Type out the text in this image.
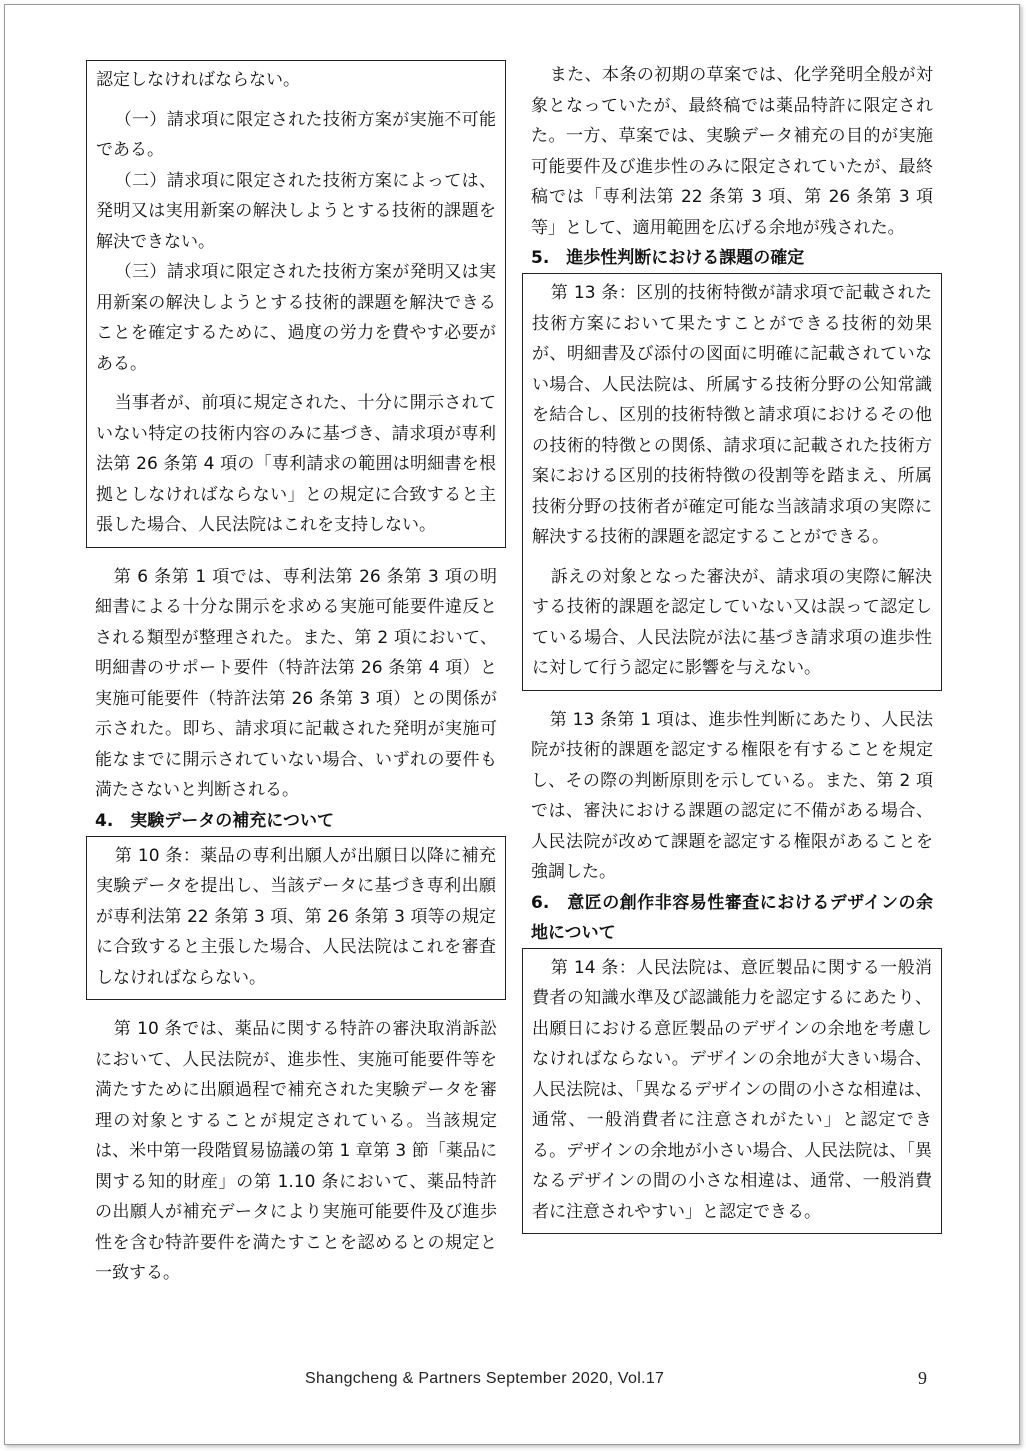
認定しなければならない。

（一）請求項に限定された技術方案が実施不可能である。

（二）請求項に限定された技術方案によっては、発明又は実用新案の解決しようとする技術的課題を解決できない。

（三）請求項に限定された技術方案が発明又は実用新案の解決しようとする技術的課題を解決できることを確定するために、過度の労力を費やす必要がある。

当事者が、前項に規定された、十分に開示されていない特定の技術内容のみに基づき、請求項が専利法第 26 条第 4 項の「専利請求の範囲は明細書を根拠としなければならない」との規定に合致すると主張した場合、人民法院はこれを支持しない。

第 6 条第 1 項では、専利法第 26 条第 3 項の明細書による十分な開示を求める実施可能要件違反とされる類型が整理された。また、第 2 項において、明細書のサポート要件（特許法第 26 条第 4 項）と実施可能要件（特許法第 26 条第 3 項）との関係が示された。即ち、請求項に記載された発明が実施可能なまでに開示されていない場合、いずれの要件も満たさないと判断される。

4.　実験データの補充について

第 10 条：薬品の専利出願人が出願日以降に補充実験データを提出し、当該データに基づき専利出願が専利法第 22 条第 3 項、第 26 条第 3 項等の規定に合致すると主張した場合、人民法院はこれを審査しなければならない。

第 10 条では、薬品に関する特許の審決取消訴訟において、人民法院が、進歩性、実施可能要件等を満たすために出願過程で補充された実験データを審理の対象とすることが規定されている。当該規定は、米中第一段階貿易協議の第 1 章第 3 節「薬品に関する知的財産」の第 1.10 条において、薬品特許の出願人が補充データにより実施可能要件及び進歩性を含む特許要件を満たすことを認めるとの規定と一致する。

また、本条の初期の草案では、化学発明全般が対象となっていたが、最終稿では薬品特許に限定された。一方、草案では、実験データ補充の目的が実施可能要件及び進歩性のみに限定されていたが、最終稿では「専利法第 22 条第 3 項、第 26 条第 3 項等」として、適用範囲を広げる余地が残された。

5.　進歩性判断における課題の確定

第 13 条：区別的技術特徴が請求項で記載された技術方案において果たすことができる技術的効果が、明細書及び添付の図面に明確に記載されていない場合、人民法院は、所属する技術分野の公知常識を結合し、区別的技術特徴と請求項におけるその他の技術的特徴との関係、請求項に記載された技術方案における区別的技術特徴の役割等を踏まえ、所属技術分野の技術者が確定可能な当該請求項の実際に解決する技術的課題を認定することができる。

訴えの対象となった審決が、請求項の実際に解決する技術的課題を認定していない又は誤って認定している場合、人民法院が法に基づき請求項の進歩性に対して行う認定に影響を与えない。

第 13 条第 1 項は、進歩性判断にあたり、人民法院が技術的課題を認定する権限を有することを規定し、その際の判断原則を示している。また、第 2 項では、審決における課題の認定に不備がある場合、人民法院が改めて課題を認定する権限があることを強調した。

6.　意匠の創作非容易性審査におけるデザインの余地について

第 14 条：人民法院は、意匠製品に関する一般消費者の知識水準及び認識能力を認定するにあたり、出願日における意匠製品のデザインの余地を考慮しなければならない。デザインの余地が大きい場合、人民法院は、「異なるデザインの間の小さな相違は、通常、一般消費者に注意されがたい」と認定できる。デザインの余地が小さい場合、人民法院は、「異なるデザインの間の小さな相違は、通常、一般消費者に注意されやすい」と認定できる。

Shangcheng & Partners September 2020, Vol.17	9
